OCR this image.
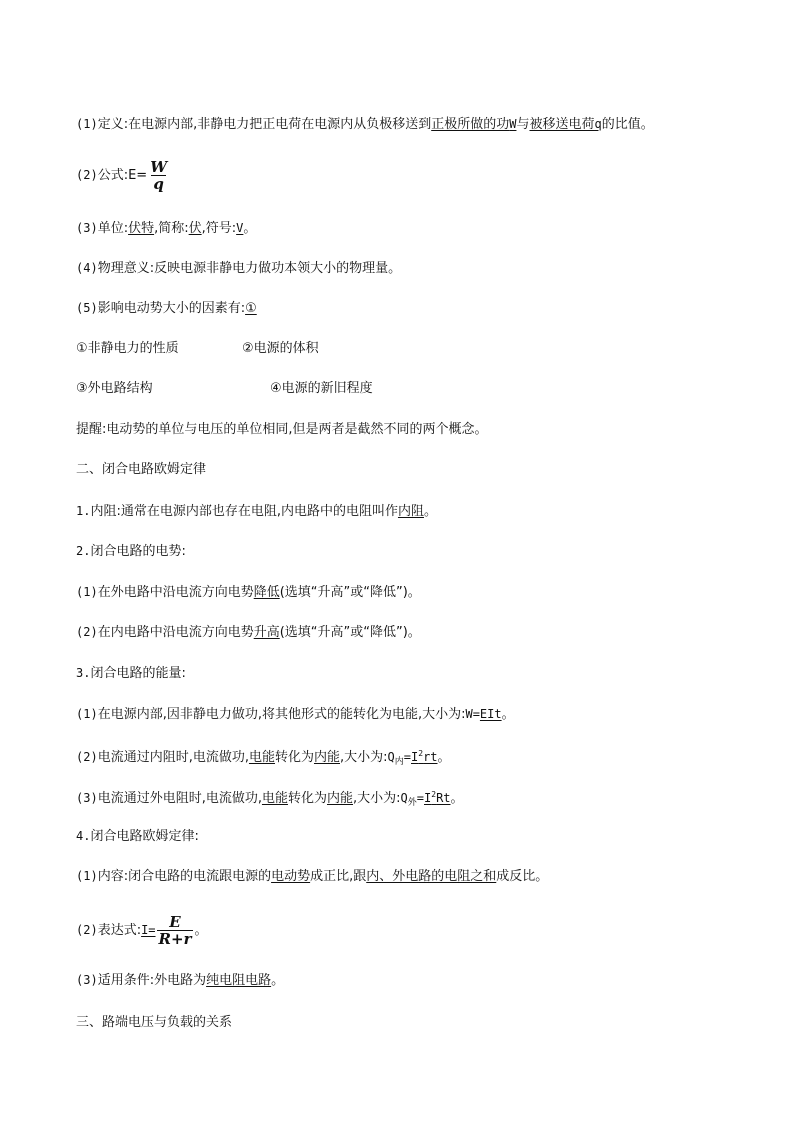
(1)定义:在电源内部,非静电力把正电荷在电源内从负极移送到正极所做的功W与被移送电荷q的比值。
(2)公式:E= $\frac{W}{q}$
(3)单位:伏特,简称:伏,符号:V。
(4)物理意义:反映电源非静电力做功本领大小的物理量。
(5)影响电动势大小的因素有:①
①非静电力的性质	②电源的体积
③外电路结构	④电源的新旧程度
提醒:电动势的单位与电压的单位相同,但是两者是截然不同的两个概念。
二、闭合电路欧姆定律
1.内阻:通常在电源内部也存在电阻,内电路中的电阻叫作内阻。
2.闭合电路的电势:
(1)在外电路中沿电流方向电势降低(选填“升高”或“降低”)。
(2)在内电路中沿电流方向电势升高(选填“升高”或“降低”)。
3.闭合电路的能量:
(1)在电源内部,因非静电力做功,将其他形式的能转化为电能,大小为:W=EIt。
(2)电流通过内阻时,电流做功,电能转化为内能,大小为$:Q_内=I^2rt$。
(3)电流通过外电阻时,电流做功,电能转化为内能,大小为$:Q_外=I^2Rt$。
4.闭合电路欧姆定律:
(1)内容:闭合电路的电流跟电源的电动势成正比,跟内、外电路的电阻之和成反比。
(2)表达式:I= $\frac{E}{R+r}$ 。
(3)适用条件:外电路为纯电阻电路。
三、路端电压与负载的关系
